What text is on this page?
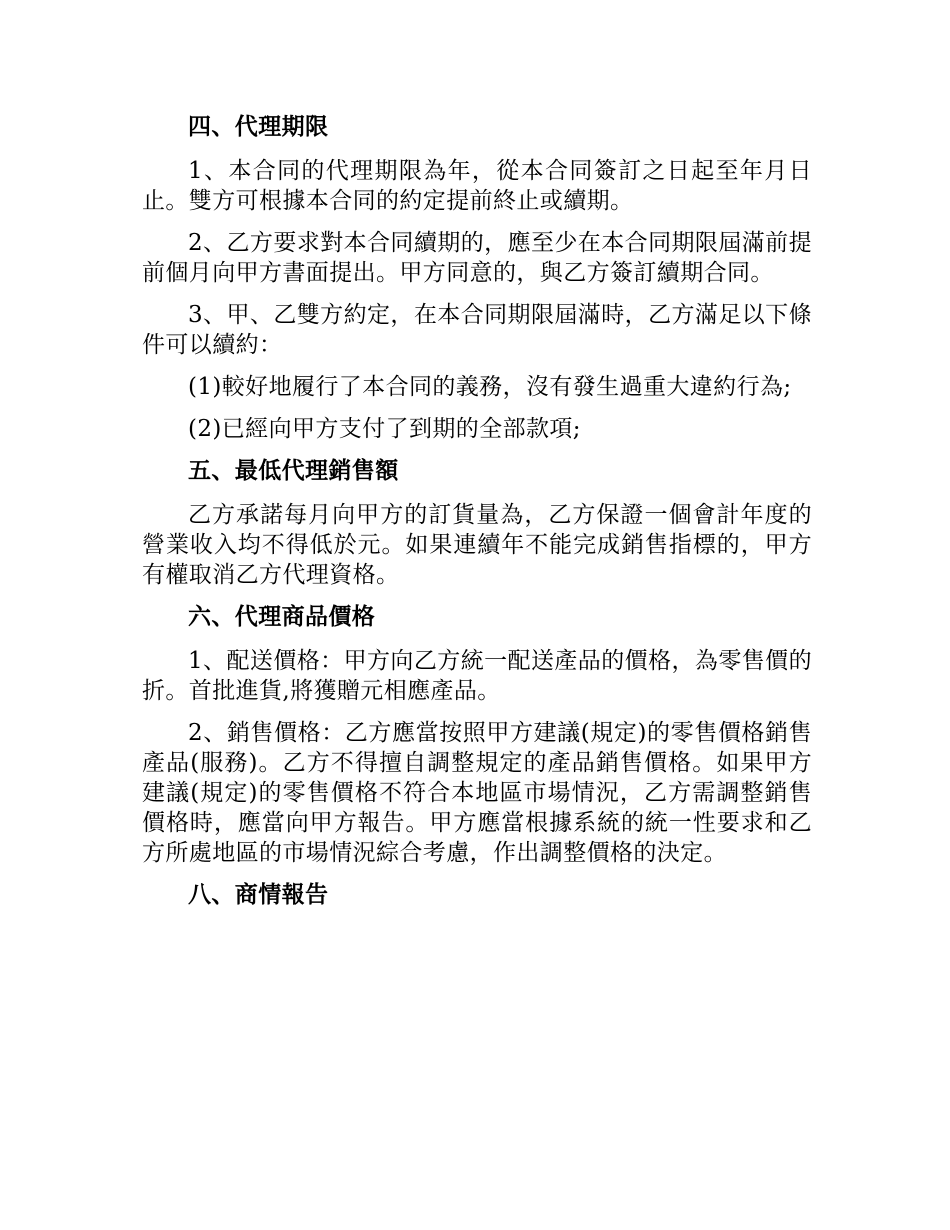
四、代理期限
1、本合同的代理期限為年，從本合同簽訂之日起至年月日止。雙方可根據本合同的約定提前終止或續期。
2、乙方要求對本合同續期的，應至少在本合同期限屆滿前提前個月向甲方書面提出。甲方同意的，與乙方簽訂續期合同。
3、甲、乙雙方約定，在本合同期限屆滿時，乙方滿足以下條件可以續約：
(1)較好地履行了本合同的義務，沒有發生過重大違約行為;
(2)已經向甲方支付了到期的全部款項;
五、最低代理銷售額
乙方承諾每月向甲方的訂貨量為，乙方保證一個會計年度的營業收入均不得低於元。如果連續年不能完成銷售指標的，甲方有權取消乙方代理資格。
六、代理商品價格
1、配送價格：甲方向乙方統一配送產品的價格，為零售價的折。首批進貨,將獲贈元相應產品。
2、銷售價格：乙方應當按照甲方建議(規定)的零售價格銷售產品(服務)。乙方不得擅自調整規定的產品銷售價格。如果甲方建議(規定)的零售價格不符合本地區市場情況，乙方需調整銷售價格時，應當向甲方報告。甲方應當根據系統的統一性要求和乙方所處地區的市場情況綜合考慮，作出調整價格的決定。
八、商情報告
